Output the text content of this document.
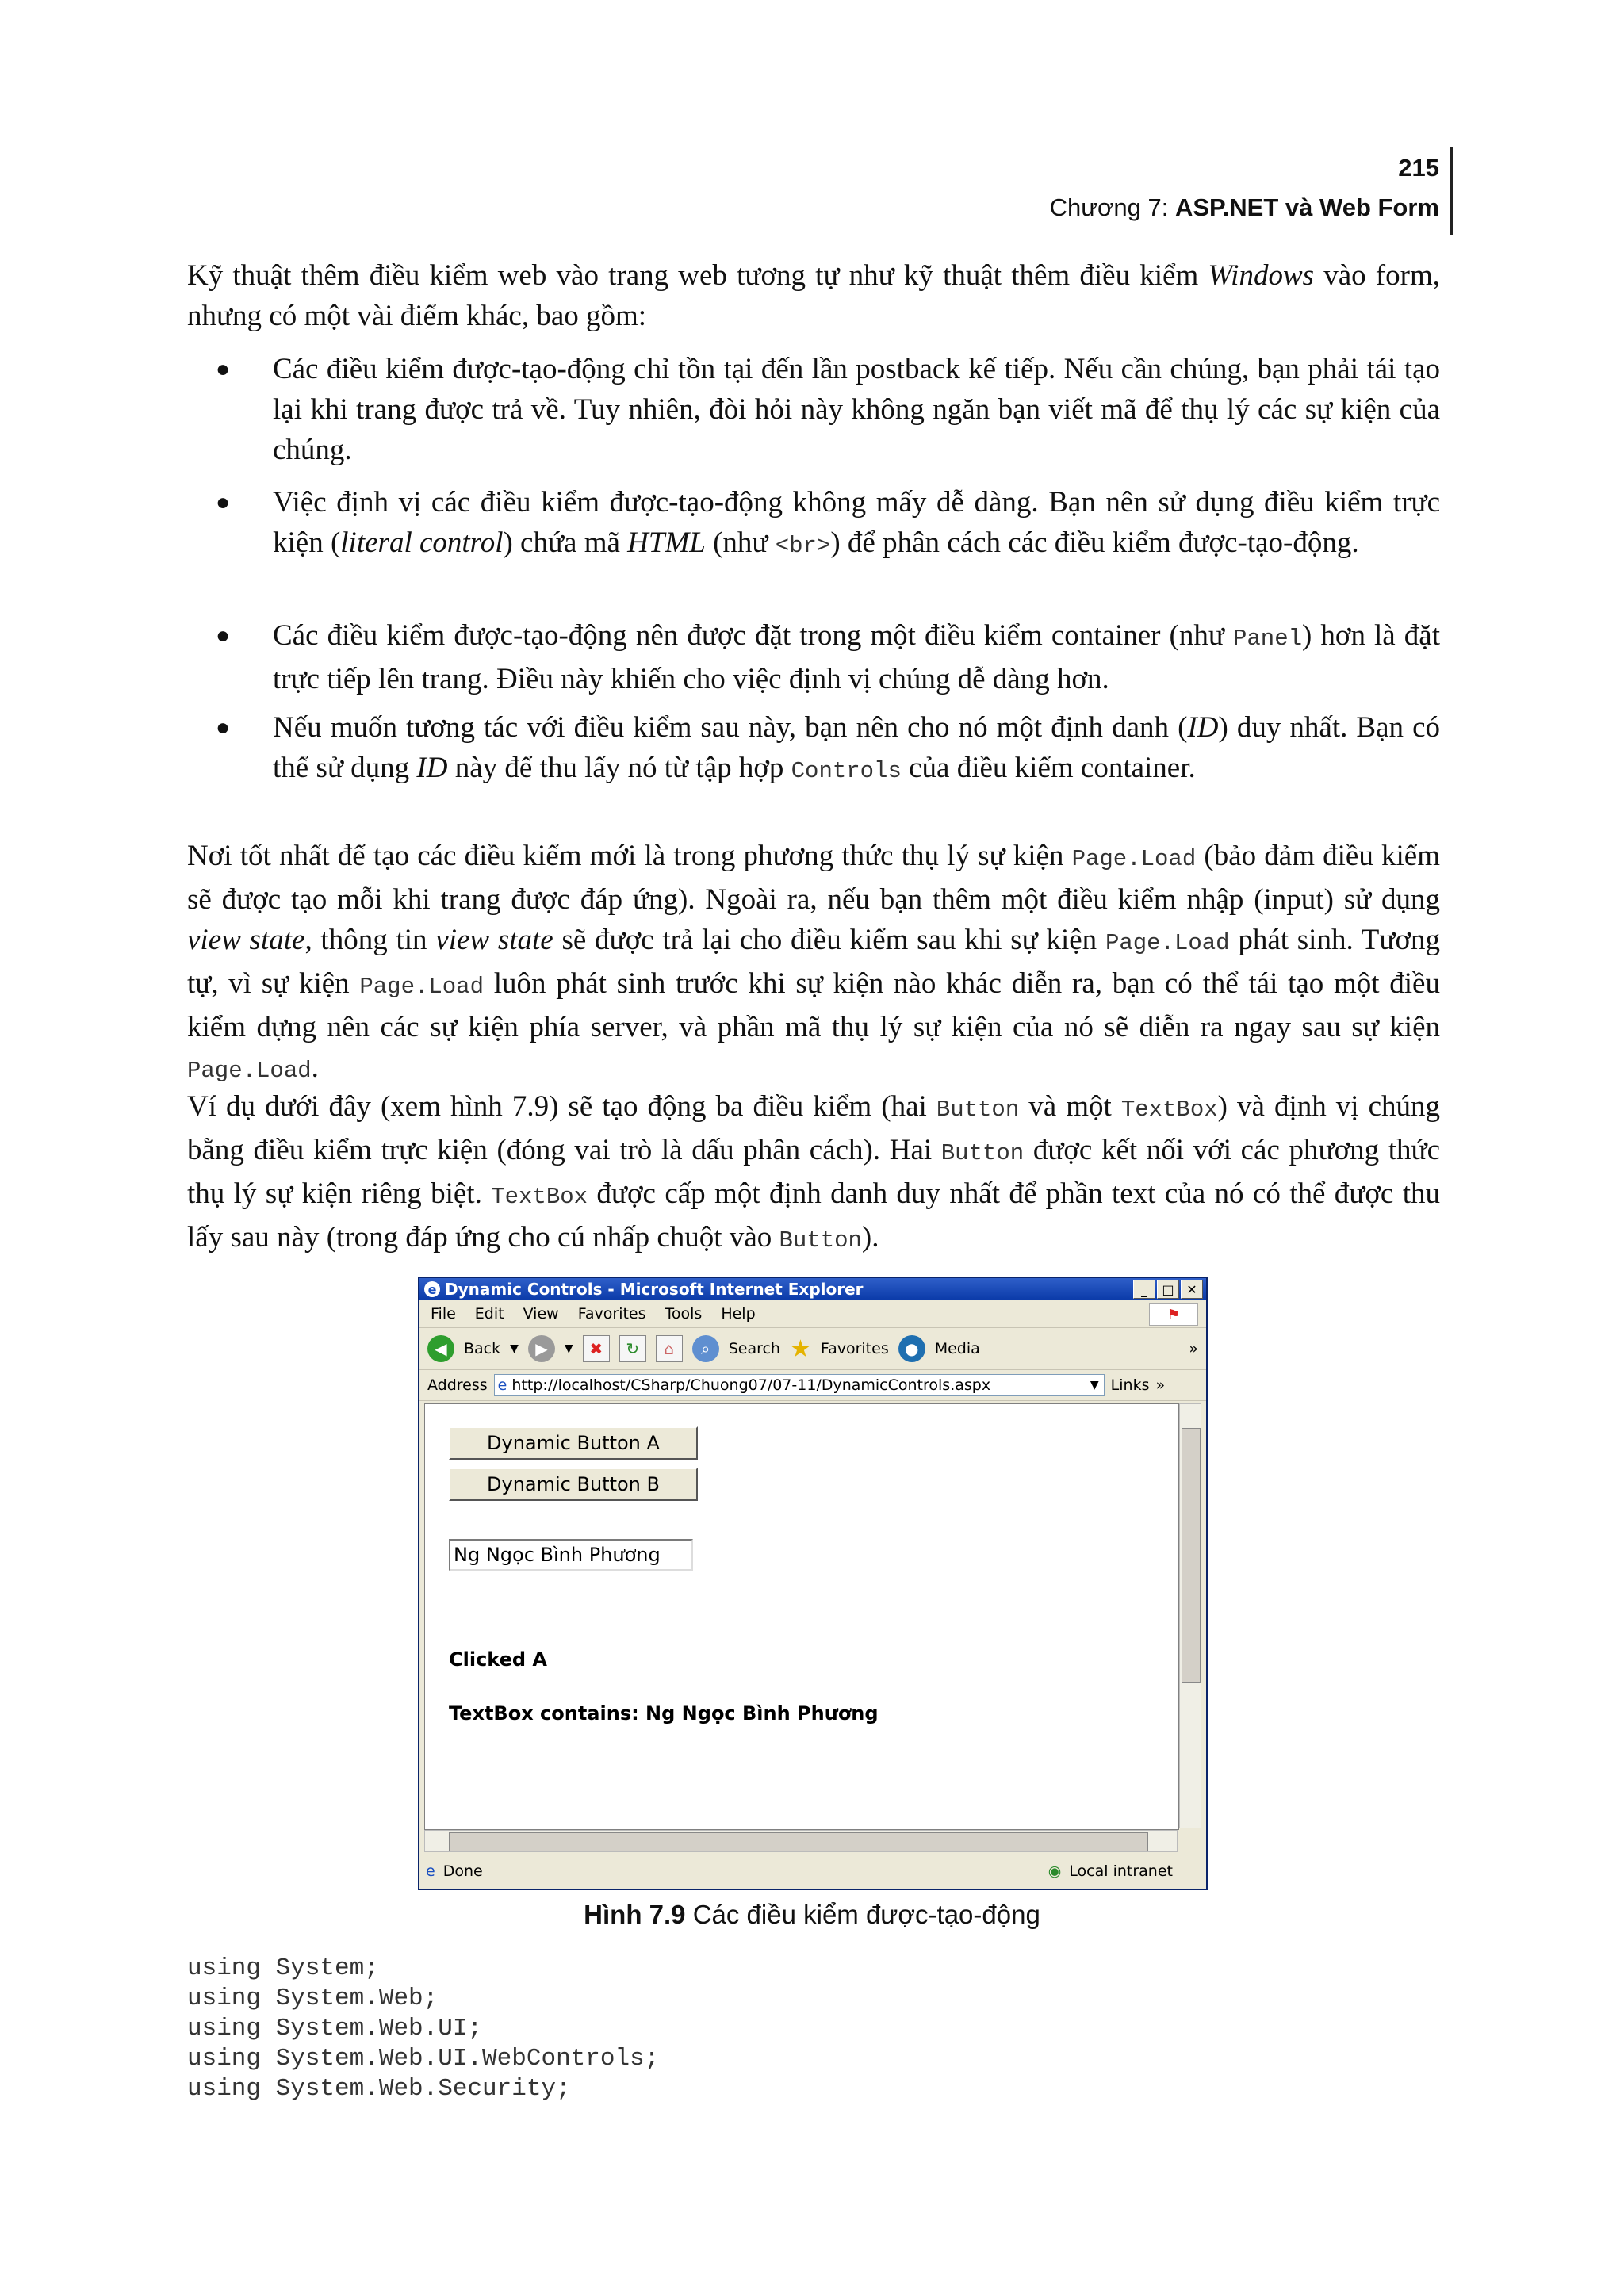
215
Chương 7: ASP.NET và Web Form

Kỹ thuật thêm điều kiểm web vào trang web tương tự như kỹ thuật thêm điều kiểm Windows vào form, nhưng có một vài điểm khác, bao gồm:

● Các điều kiểm được-tạo-động chỉ tồn tại đến lần postback kế tiếp. Nếu cần chúng, bạn phải tái tạo lại khi trang được trả về. Tuy nhiên, đòi hỏi này không ngăn bạn viết mã để thụ lý các sự kiện của chúng.
● Việc định vị các điều kiểm được-tạo-động không mấy dễ dàng. Bạn nên sử dụng điều kiểm trực kiện (literal control) chứa mã HTML (như <br>) để phân cách các điều kiểm được-tạo-động.
● Các điều kiểm được-tạo-động nên được đặt trong một điều kiểm container (như Panel) hơn là đặt trực tiếp lên trang. Điều này khiến cho việc định vị chúng dễ dàng hơn.
● Nếu muốn tương tác với điều kiểm sau này, bạn nên cho nó một định danh (ID) duy nhất. Bạn có thể sử dụng ID này để thu lấy nó từ tập hợp Controls của điều kiểm container.

Nơi tốt nhất để tạo các điều kiểm mới là trong phương thức thụ lý sự kiện Page.Load (bảo đảm điều kiểm sẽ được tạo mỗi khi trang được đáp ứng). Ngoài ra, nếu bạn thêm một điều kiểm nhập (input) sử dụng view state, thông tin view state sẽ được trả lại cho điều kiểm sau khi sự kiện Page.Load phát sinh. Tương tự, vì sự kiện Page.Load luôn phát sinh trước khi sự kiện nào khác diễn ra, bạn có thể tái tạo một điều kiểm dựng nên các sự kiện phía server, và phần mã thụ lý sự kiện của nó sẽ diễn ra ngay sau sự kiện Page.Load.

Ví dụ dưới đây (xem hình 7.9) sẽ tạo động ba điều kiểm (hai Button và một TextBox) và định vị chúng bằng điều kiểm trực kiện (đóng vai trò là dấu phân cách). Hai Button được kết nối với các phương thức thụ lý sự kiện riêng biệt. TextBox được cấp một định danh duy nhất để phần text của nó có thể được thu lấy sau này (trong đáp ứng cho cú nhấp chuột vào Button).

e Dynamic Controls - Microsoft Internet Explorer	_	□ ✕
File Edit View Favorites Tools Help	⚑
◀	Back ▼	▶	▼	✖	↻	⌂	⌕	Search ★ Favorites	●	Media	»
Address e http://localhost/CSharp/Chuong07/07-11/DynamicControls.aspx	▼ Links »
Dynamic Button A
Dynamic Button B
Ng Ngọc Bình Phương
Clicked A
TextBox contains: Ng Ngọc Bình Phương
e Done	◉ Local intranet
Hình 7.9 Các điều kiểm được-tạo-động
using System;
using System.Web;
using System.Web.UI;
using System.Web.UI.WebControls;
using System.Web.Security;
